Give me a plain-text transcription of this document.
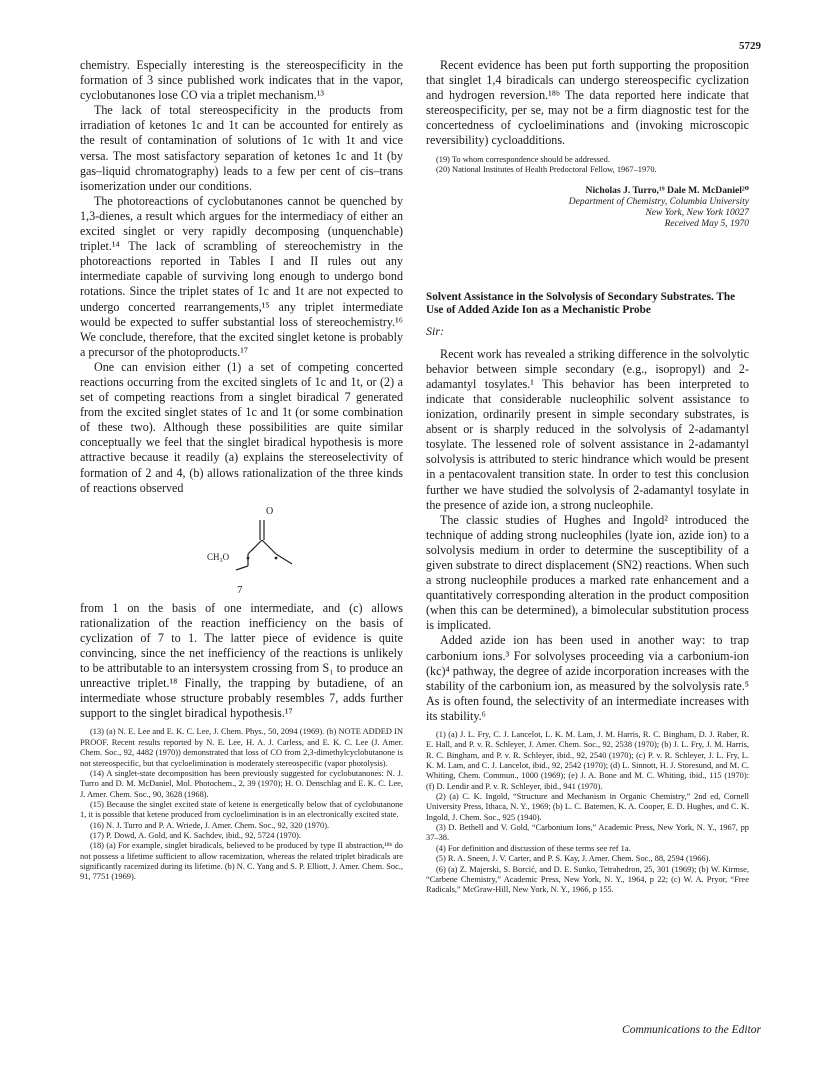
5729

chemistry. Especially interesting is the stereospecificity in the formation of 3 since published work indicates that in the vapor, cyclobutanones lose CO via a triplet mechanism.¹³

The lack of total stereospecificity in the products from irradiation of ketones 1c and 1t can be accounted for entirely as the result of contamination of solutions of 1c with 1t and vice versa. The most satisfactory separation of ketones 1c and 1t (by gas–liquid chromatography) leads to a few per cent of cis–trans isomerization under our conditions.

The photoreactions of cyclobutanones cannot be quenched by 1,3-dienes, a result which argues for the intermediacy of either an excited singlet or very rapidly decomposing (unquenchable) triplet.¹⁴ The lack of scrambling of stereochemistry in the photoreactions reported in Tables I and II rules out any intermediate capable of surviving long enough to undergo bond rotations. Since the triplet states of 1c and 1t are not expected to undergo concerted rearrangements,¹⁵ any triplet intermediate would be expected to suffer substantial loss of stereochemistry.¹⁶ We conclude, therefore, that the excited singlet ketone is probably a precursor of the photoproducts.¹⁷

One can envision either (1) a set of competing concerted reactions occurring from the excited singlets of 1c and 1t, or (2) a set of competing reactions from a singlet biradical 7 generated from the excited singlet states of 1c and 1t (or some combination of these two). Although these possibilities are quite similar conceptually we feel that the singlet biradical hypothesis is more attractive because it readily (a) explains the stereoselectivity of formation of 2 and 4, (b) allows rationalization of the three kinds of reactions observed

O
CH₃O
7

from 1 on the basis of one intermediate, and (c) allows rationalization of the reaction inefficiency on the basis of cyclization of 7 to 1. The latter piece of evidence is quite convincing, since the net inefficiency of the reactions is unlikely to be attributable to an intersystem crossing from S₁ to produce an unreactive triplet.¹⁸ Finally, the trapping by butadiene, of an intermediate whose structure probably resembles 7, adds further support to the singlet biradical hypothesis.¹⁷

(13) (a) N. E. Lee and E. K. C. Lee, J. Chem. Phys., 50, 2094 (1969). (b) NOTE ADDED IN PROOF. Recent results reported by N. E. Lee, H. A. J. Carless, and E. K. C. Lee (J. Amer. Chem. Soc., 92, 4482 (1970)) demonstrated that loss of CO from 2,3-dimethylcyclobutanone is not stereospecific, but that cycloelimination is moderately stereospecific (vapor photolysis).

(14) A singlet-state decomposition has been previously suggested for cyclobutanones: N. J. Turro and D. M. McDaniel, Mol. Photochem., 2, 39 (1970); H. O. Denschlag and E. K. C. Lee, J. Amer. Chem. Soc., 90, 3628 (1968).

(15) Because the singlet excited state of ketene is energetically below that of cyclobutanone 1, it is possible that ketene produced from cycloelimination is in an electronically excited state.

(16) N. J. Turro and P. A. Wriede, J. Amer. Chem. Soc., 92, 320 (1970).

(17) P. Dowd, A. Gold, and K. Sachdev, ibid., 92, 5724 (1970).

(18) (a) For example, singlet biradicals, believed to be produced by type II abstraction,¹⁸ᵇ do not possess a lifetime sufficient to allow racemization, whereas the related triplet biradicals are significantly racemized during its lifetime. (b) N. C. Yang and S. P. Elliott, J. Amer. Chem. Soc., 91, 7751 (1969).

Recent evidence has been put forth supporting the proposition that singlet 1,4 biradicals can undergo stereospecific cyclization and hydrogen reversion.¹⁸ᵇ The data reported here indicate that stereospecificity, per se, may not be a firm diagnostic test for the concertedness of cycloeliminations and (invoking microscopic reversibility) cycloadditions.

(19) To whom correspondence should be addressed.

(20) National Institutes of Health Predoctoral Fellow, 1967–1970.

Nicholas J. Turro,¹⁹ Dale M. McDaniel²⁰
Department of Chemistry, Columbia University
New York, New York 10027
Received May 5, 1970
Solvent Assistance in the Solvolysis of Secondary Substrates. The Use of Added Azide Ion as a Mechanistic Probe
Sir:

Recent work has revealed a striking difference in the solvolytic behavior between simple secondary (e.g., isopropyl) and 2-adamantyl tosylates.¹ This behavior has been interpreted to indicate that considerable nucleophilic solvent assistance to ionization, ordinarily present in simple secondary substrates, is absent or is sharply reduced in the solvolysis of 2-adamantyl tosylate. The lessened role of solvent assistance in 2-adamantyl solvolysis is attributed to steric hindrance which would be present in a pentacovalent transition state. In order to test this conclusion further we have studied the solvolysis of 2-adamantyl tosylate in the presence of azide ion, a strong nucleophile.

The classic studies of Hughes and Ingold² introduced the technique of adding strong nucleophiles (lyate ion, azide ion) to a solvolysis medium in order to determine the susceptibility of a given substrate to direct displacement (SN2) reactions. When such a strong nucleophile produces a marked rate enhancement and a quantitatively corresponding alteration in the product composition (when this can be determined), a bimolecular substitution process is implicated.

Added azide ion has been used in another way: to trap carbonium ions.³ For solvolyses proceeding via a carbonium-ion (kc)⁴ pathway, the degree of azide incorporation increases with the stability of the carbonium ion, as measured by the solvolysis rate.⁵ As is often found, the selectivity of an intermediate increases with its stability.⁶

(1) (a) J. L. Fry, C. J. Lancelot, L. K. M. Lam, J. M. Harris, R. C. Bingham, D. J. Raber, R. E. Hall, and P. v. R. Schleyer, J. Amer. Chem. Soc., 92, 2538 (1970); (b) J. L. Fry, J. M. Harris, R. C. Bingham, and P. v. R. Schleyer, ibid., 92, 2540 (1970); (c) P. v. R. Schleyer, J. L. Fry, L. K. M. Lam, and C. J. Lancelot, ibid., 92, 2542 (1970); (d) L. Sinnott, H. J. Storesund, and M. C. Whiting, Chem. Commun., 1000 (1969); (e) J. A. Bone and M. C. Whiting, ibid., 115 (1970): (f) D. Lendir and P. v. R. Schleyer, ibid., 941 (1970).

(2) (a) C. K. Ingold, “Structure and Mechanism in Organic Chemistry,” 2nd ed, Cornell University Press, Ithaca, N. Y., 1969; (b) L. C. Batemen, K. A. Cooper, E. D. Hughes, and C. K. Ingold, J. Chem. Soc., 925 (1940).

(3) D. Bethell and V. Gold, “Carbonium Ions,” Academic Press, New York, N. Y., 1967, pp 37–38.

(4) For definition and discussion of these terms see ref 1a.

(5) R. A. Sneen, J. V. Carter, and P. S. Kay, J. Amer. Chem. Soc., 88, 2594 (1966).

(6) (a) Z. Majerski, S. Borcić, and D. E. Sunko, Tetrahedron, 25, 301 (1969); (b) W. Kirmse, “Carbene Chemistry,” Academic Press, New York, N. Y., 1964, p 22; (c) W. A. Pryor, “Free Radicals,” McGraw-Hill, New York, N. Y., 1966, p 155.

Communications to the Editor
